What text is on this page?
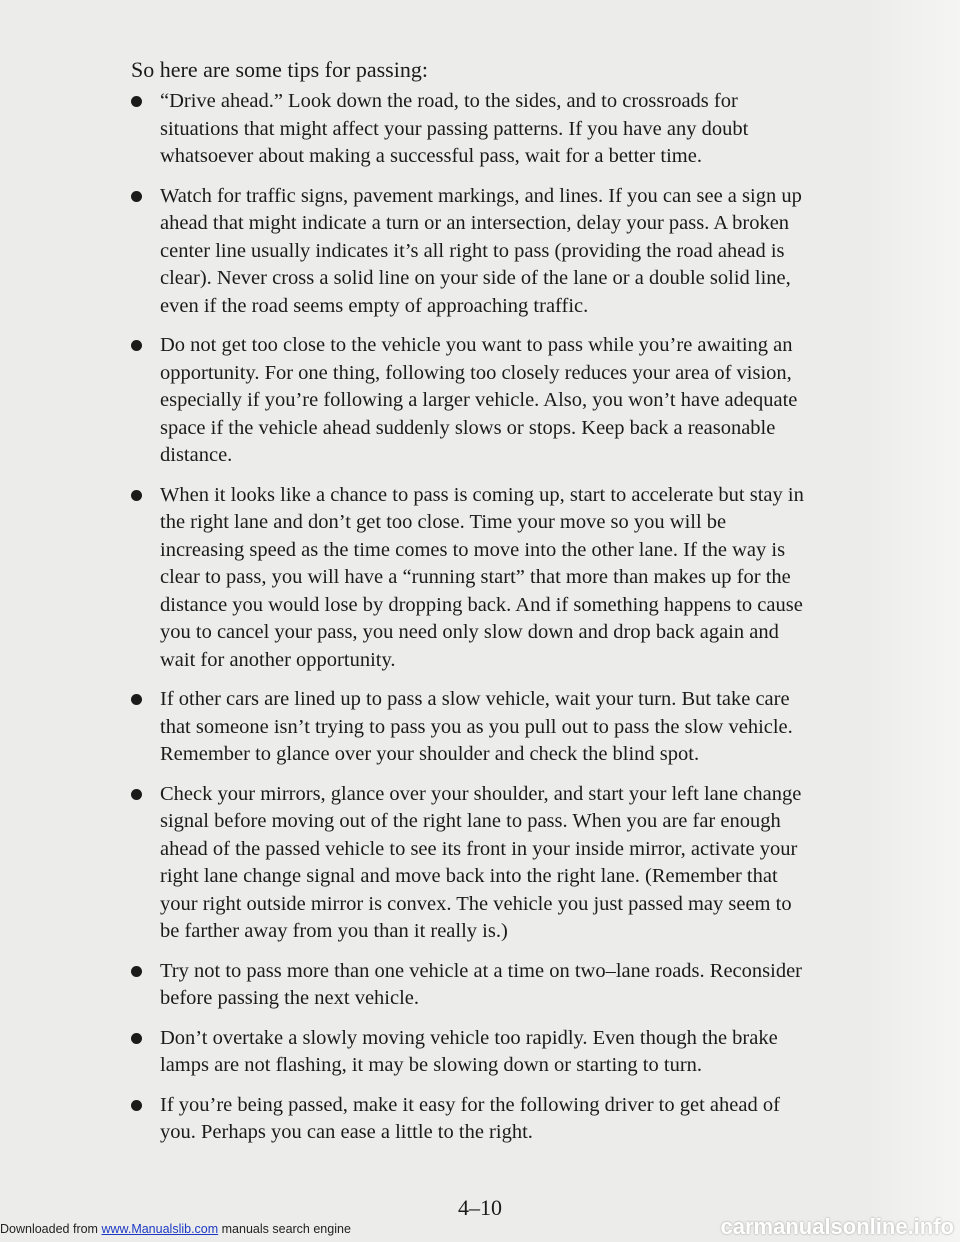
So here are some tips for passing:
“Drive ahead.” Look down the road, to the sides, and to crossroads for situations that might affect your passing patterns. If you have any doubt whatsoever about making a successful pass, wait for a better time.
Watch for traffic signs, pavement markings, and lines. If you can see a sign up ahead that might indicate a turn or an intersection, delay your pass. A broken center line usually indicates it’s all right to pass (providing the road ahead is clear). Never cross a solid line on your side of the lane or a double solid line, even if the road seems empty of approaching traffic.
Do not get too close to the vehicle you want to pass while you’re awaiting an opportunity. For one thing, following too closely reduces your area of vision, especially if you’re following a larger vehicle. Also, you won’t have adequate space if the vehicle ahead suddenly slows or stops. Keep back a reasonable distance.
When it looks like a chance to pass is coming up, start to accelerate but stay in the right lane and don’t get too close. Time your move so you will be increasing speed as the time comes to move into the other lane. If the way is clear to pass, you will have a “running start” that more than makes up for the distance you would lose by dropping back. And if something happens to cause you to cancel your pass, you need only slow down and drop back again and wait for another opportunity.
If other cars are lined up to pass a slow vehicle, wait your turn. But take care that someone isn’t trying to pass you as you pull out to pass the slow vehicle. Remember to glance over your shoulder and check the blind spot.
Check your mirrors, glance over your shoulder, and start your left lane change signal before moving out of the right lane to pass. When you are far enough ahead of the passed vehicle to see its front in your inside mirror, activate your right lane change signal and move back into the right lane. (Remember that your right outside mirror is convex. The vehicle you just passed may seem to be farther away from you than it really is.)
Try not to pass more than one vehicle at a time on two–lane roads. Reconsider before passing the next vehicle.
Don’t overtake a slowly moving vehicle too rapidly. Even though the brake lamps are not flashing, it may be slowing down or starting to turn.
If you’re being passed, make it easy for the following driver to get ahead of you. Perhaps you can ease a little to the right.
4–10
Downloaded from www.Manualslib.com manuals search engine	carmanualsonline.info
